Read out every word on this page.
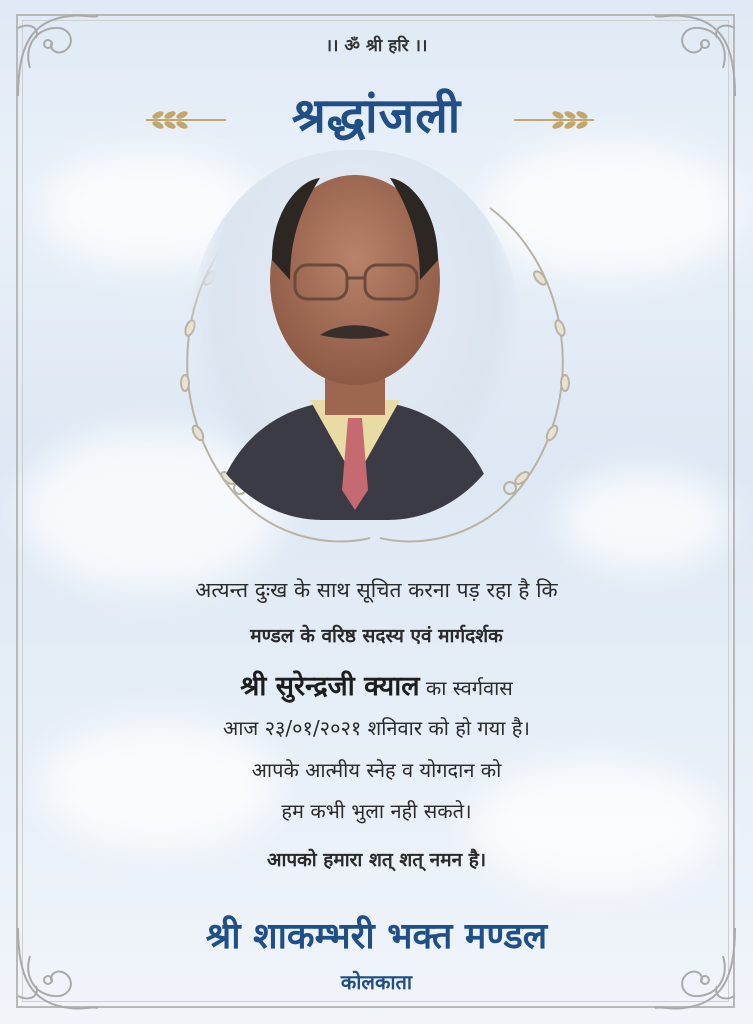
।। ॐ श्री हरि ।।
श्रद्धांजली
अत्यन्त दुःख के साथ सूचित करना पड़ रहा है कि
मण्डल के वरिष्ठ सदस्य एवं मार्गदर्शक
श्री सुरेन्द्रजी क्याल का स्वर्गवास
आज २३/०१/२०२१ शनिवार को हो गया है।
आपके आत्मीय स्नेह व योगदान को
हम कभी भुला नही सकते।
आपको हमारा शत् शत् नमन है।
श्री शाकम्भरी भक्त मण्डल
कोलकाता
